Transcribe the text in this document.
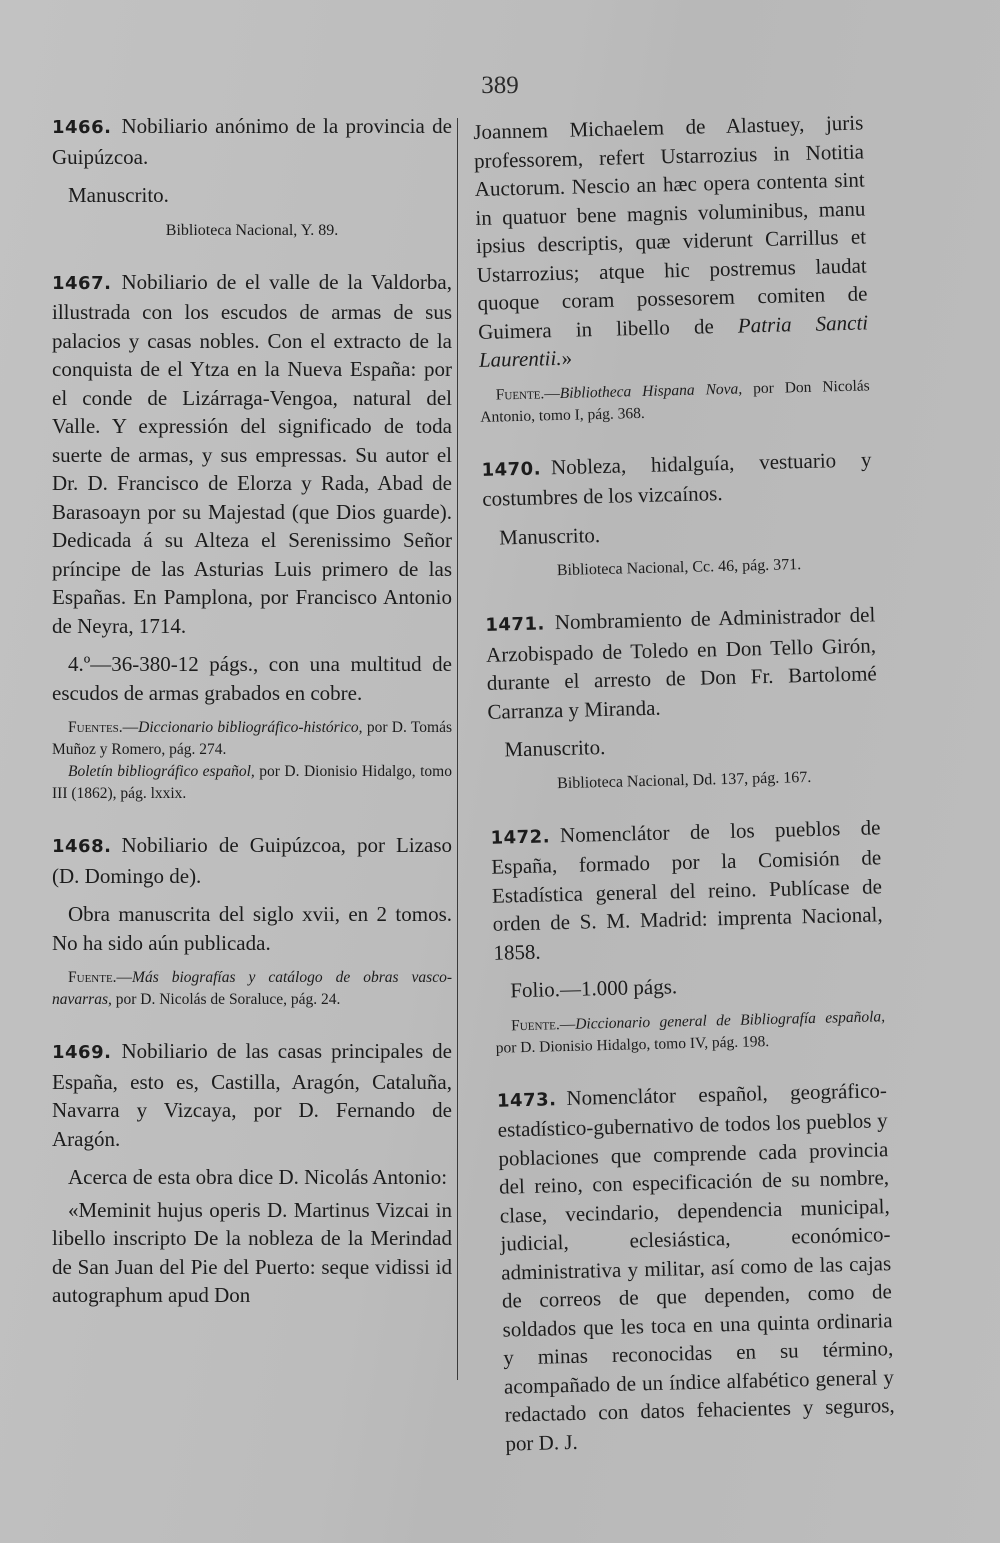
389

1466. Nobiliario anónimo de la provincia de Guipúzcoa.

Manuscrito.

Biblioteca Nacional, Y. 89.

1467. Nobiliario de el valle de la Valdorba, illustrada con los escudos de armas de sus palacios y casas nobles. Con el extracto de la conquista de el Ytza en la Nueva España: por el conde de Lizárraga-Vengoa, natural del Valle. Y expressión del significado de toda suerte de armas, y sus empressas. Su autor el Dr. D. Francisco de Elorza y Rada, Abad de Barasoayn por su Majestad (que Dios guarde). Dedicada á su Alteza el Serenissimo Señor príncipe de las Asturias Luis primero de las Españas. En Pamplona, por Francisco Antonio de Neyra, 1714.

4.º—36-380-12 págs., con una multitud de escudos de armas grabados en cobre.

Fuentes.—Diccionario bibliográfico-histórico, por D. Tomás Muñoz y Romero, pág. 274.

Boletín bibliográfico español, por D. Dionisio Hidalgo, tomo III (1862), pág. lxxix.

1468. Nobiliario de Guipúzcoa, por Lizaso (D. Domingo de).

Obra manuscrita del siglo xvii, en 2 tomos. No ha sido aún publicada.

Fuente.—Más biografías y catálogo de obras vasco-navarras, por D. Nicolás de Soraluce, pág. 24.

1469. Nobiliario de las casas principales de España, esto es, Castilla, Aragón, Cataluña, Navarra y Vizcaya, por D. Fernando de Aragón.

Acerca de esta obra dice D. Nicolás Antonio:

«Meminit hujus operis D. Martinus Vizcai in libello inscripto De la nobleza de la Merindad de San Juan del Pie del Puerto: seque vidissi id autographum apud Don

Joannem Michaelem de Alastuey, juris professorem, refert Ustarrozius in Notitia Auctorum. Nescio an hæc opera contenta sint in quatuor bene magnis voluminibus, manu ipsius descriptis, quæ viderunt Carrillus et Ustarrozius; atque hic postremus laudat quoque coram possesorem comiten de Guimera in libello de Patria Sancti Laurentii.»

Fuente.—Bibliotheca Hispana Nova, por Don Nicolás Antonio, tomo I, pág. 368.

1470. Nobleza, hidalguía, vestuario y costumbres de los vizcaínos.

Manuscrito.

Biblioteca Nacional, Cc. 46, pág. 371.

1471. Nombramiento de Administrador del Arzobispado de Toledo en Don Tello Girón, durante el arresto de Don Fr. Bartolomé Carranza y Miranda.

Manuscrito.

Biblioteca Nacional, Dd. 137, pág. 167.

1472. Nomenclátor de los pueblos de España, formado por la Comisión de Estadística general del reino. Publícase de orden de S. M. Madrid: imprenta Nacional, 1858.

Folio.—1.000 págs.

Fuente.—Diccionario general de Bibliografía española, por D. Dionisio Hidalgo, tomo IV, pág. 198.

1473. Nomenclátor español, geográfico-estadístico-gubernativo de todos los pueblos y poblaciones que comprende cada provincia del reino, con especificación de su nombre, clase, vecindario, dependencia municipal, judicial, eclesiástica, económico-administrativa y militar, así como de las cajas de correos de que dependen, como de soldados que les toca en una quinta ordinaria y minas reconocidas en su término, acompañado de un índice alfabético general y redactado con datos fehacientes y seguros, por D. J.
